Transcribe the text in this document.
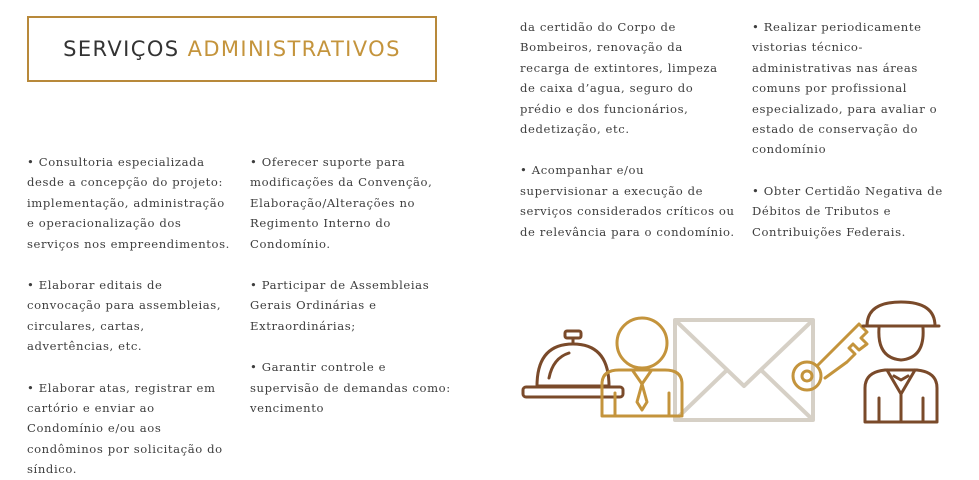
SERVIÇOS ADMINISTRATIVOS

• Consultoria especializada desde a concepção do projeto: implementação, administração e operacionalização dos serviços nos empreendimentos.

• Elaborar editais de convocação para assembleias, circulares, cartas, advertências, etc.

• Elaborar atas, registrar em cartório e enviar ao Condomínio e/ou aos condôminos por solicitação do síndico.

• Oferecer suporte para modificações da Convenção, Elaboração/Alterações no Regimento Interno do Condomínio.

• Participar de Assembleias Gerais Ordinárias e Extraordinárias;

• Garantir controle e supervisão de demandas como: vencimento

da certidão do Corpo de Bombeiros, renovação da recarga de extintores, limpeza de caixa d’agua, seguro do prédio e dos funcionários, dedetização, etc.

• Acompanhar e/ou supervisionar a execução de serviços considerados críticos ou de relevância para o condomínio.

• Realizar periodicamente vistorias técnico-administrativas nas áreas comuns por profissional especializado, para avaliar o estado de conservação do condomínio

• Obter Certidão Negativa de Débitos de Tributos e Contribuições Federais.
